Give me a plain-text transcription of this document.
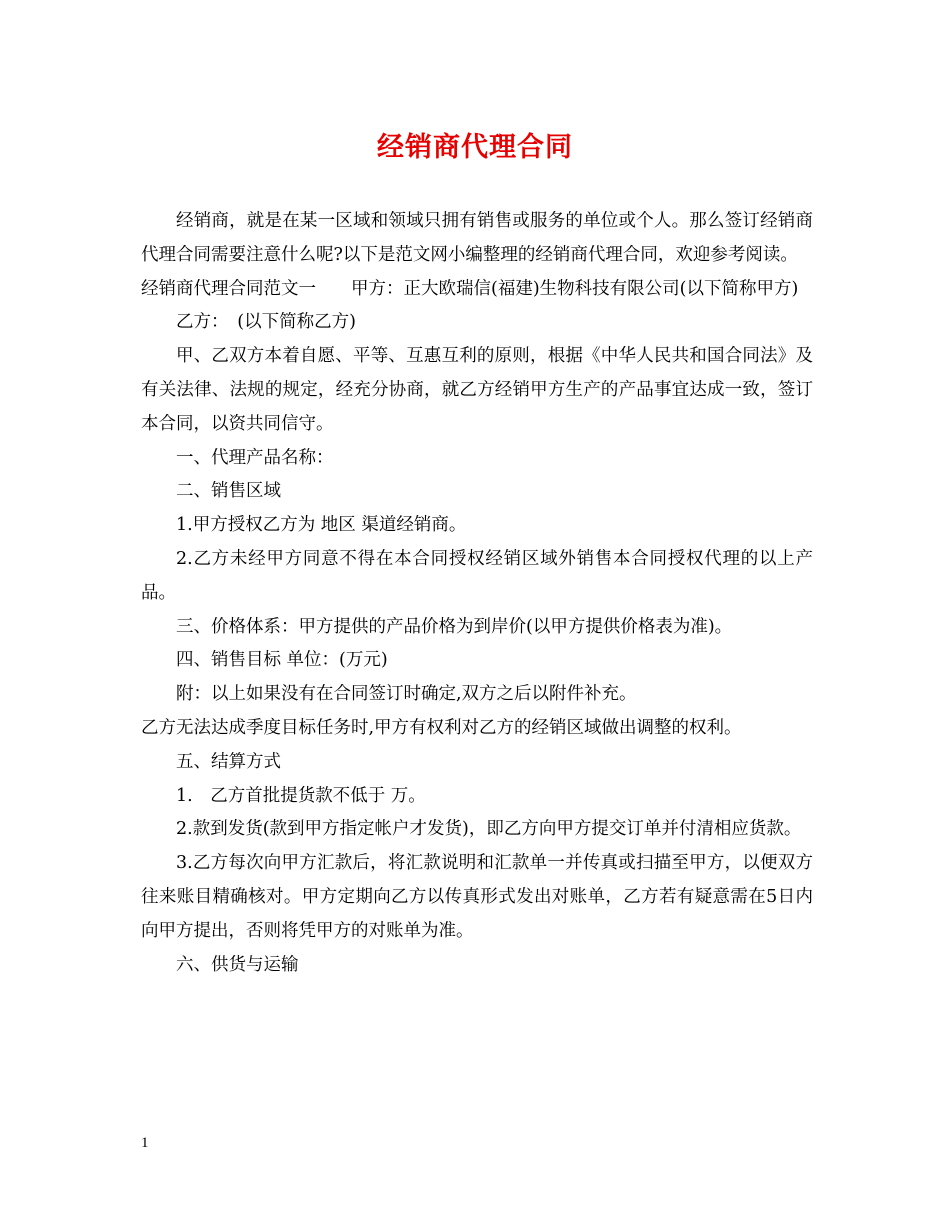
经销商代理合同
经销商，就是在某一区域和领域只拥有销售或服务的单位或个人。那么签订经销商代理合同需要注意什么呢?以下是范文网小编整理的经销商代理合同，欢迎参考阅读。
经销商代理合同范文一　　甲方：正大欧瑞信(福建)生物科技有限公司(以下简称甲方)
乙方：　(以下简称乙方)
甲、乙双方本着自愿、平等、互惠互利的原则，根据《中华人民共和国合同法》及有关法律、法规的规定，经充分协商，就乙方经销甲方生产的产品事宜达成一致，签订本合同，以资共同信守。
一、代理产品名称：
二、销售区域
1.甲方授权乙方为 地区 渠道经销商。
2.乙方未经甲方同意不得在本合同授权经销区域外销售本合同授权代理的以上产品。
三、价格体系：甲方提供的产品价格为到岸价(以甲方提供价格表为准)。
四、销售目标 单位：(万元)
附：以上如果没有在合同签订时确定,双方之后以附件补充。
乙方无法达成季度目标任务时,甲方有权利对乙方的经销区域做出调整的权利。
五、结算方式
1.　乙方首批提货款不低于 万。
2.款到发货(款到甲方指定帐户才发货)，即乙方向甲方提交订单并付清相应货款。
3.乙方每次向甲方汇款后，将汇款说明和汇款单一并传真或扫描至甲方，以便双方往来账目精确核对。甲方定期向乙方以传真形式发出对账单，乙方若有疑意需在5日内向甲方提出，否则将凭甲方的对账单为准。
六、供货与运输
1
